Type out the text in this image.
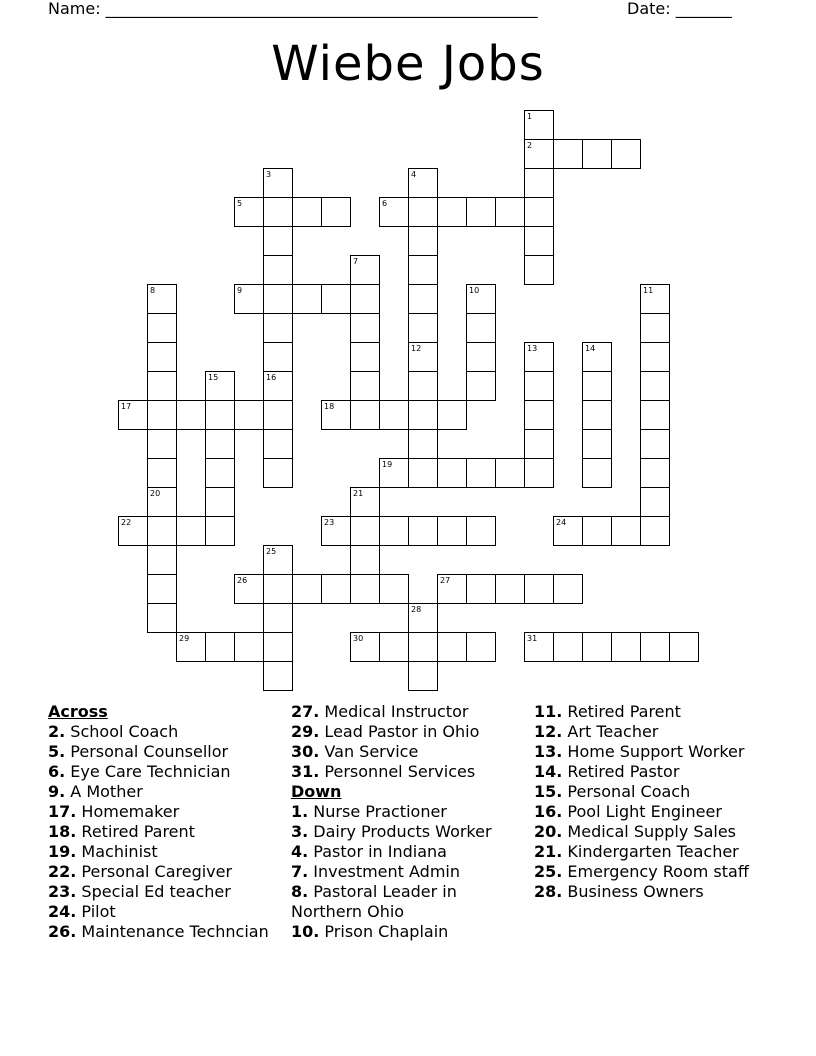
Name: ______________________________________________________	Date: _______
Wiebe Jobs
1
2
3	4
5	6
7
8	9	10	11
12	13	14
15	16
17	18
19
20	21
22	23	24
25
26	27
28
29	30	31
Across
2. School Coach
5. Personal Counsellor
6. Eye Care Technician
9. A Mother
17. Homemaker
18. Retired Parent
19. Machinist
22. Personal Caregiver
23. Special Ed teacher
24. Pilot
26. Maintenance Techncian
27. Medical Instructor
29. Lead Pastor in Ohio
30. Van Service
31. Personnel Services
Down
1. Nurse Practioner
3. Dairy Products Worker
4. Pastor in Indiana
7. Investment Admin
8. Pastoral Leader in Northern Ohio
10. Prison Chaplain
11. Retired Parent
12. Art Teacher
13. Home Support Worker
14. Retired Pastor
15. Personal Coach
16. Pool Light Engineer
20. Medical Supply Sales
21. Kindergarten Teacher
25. Emergency Room staff
28. Business Owners
